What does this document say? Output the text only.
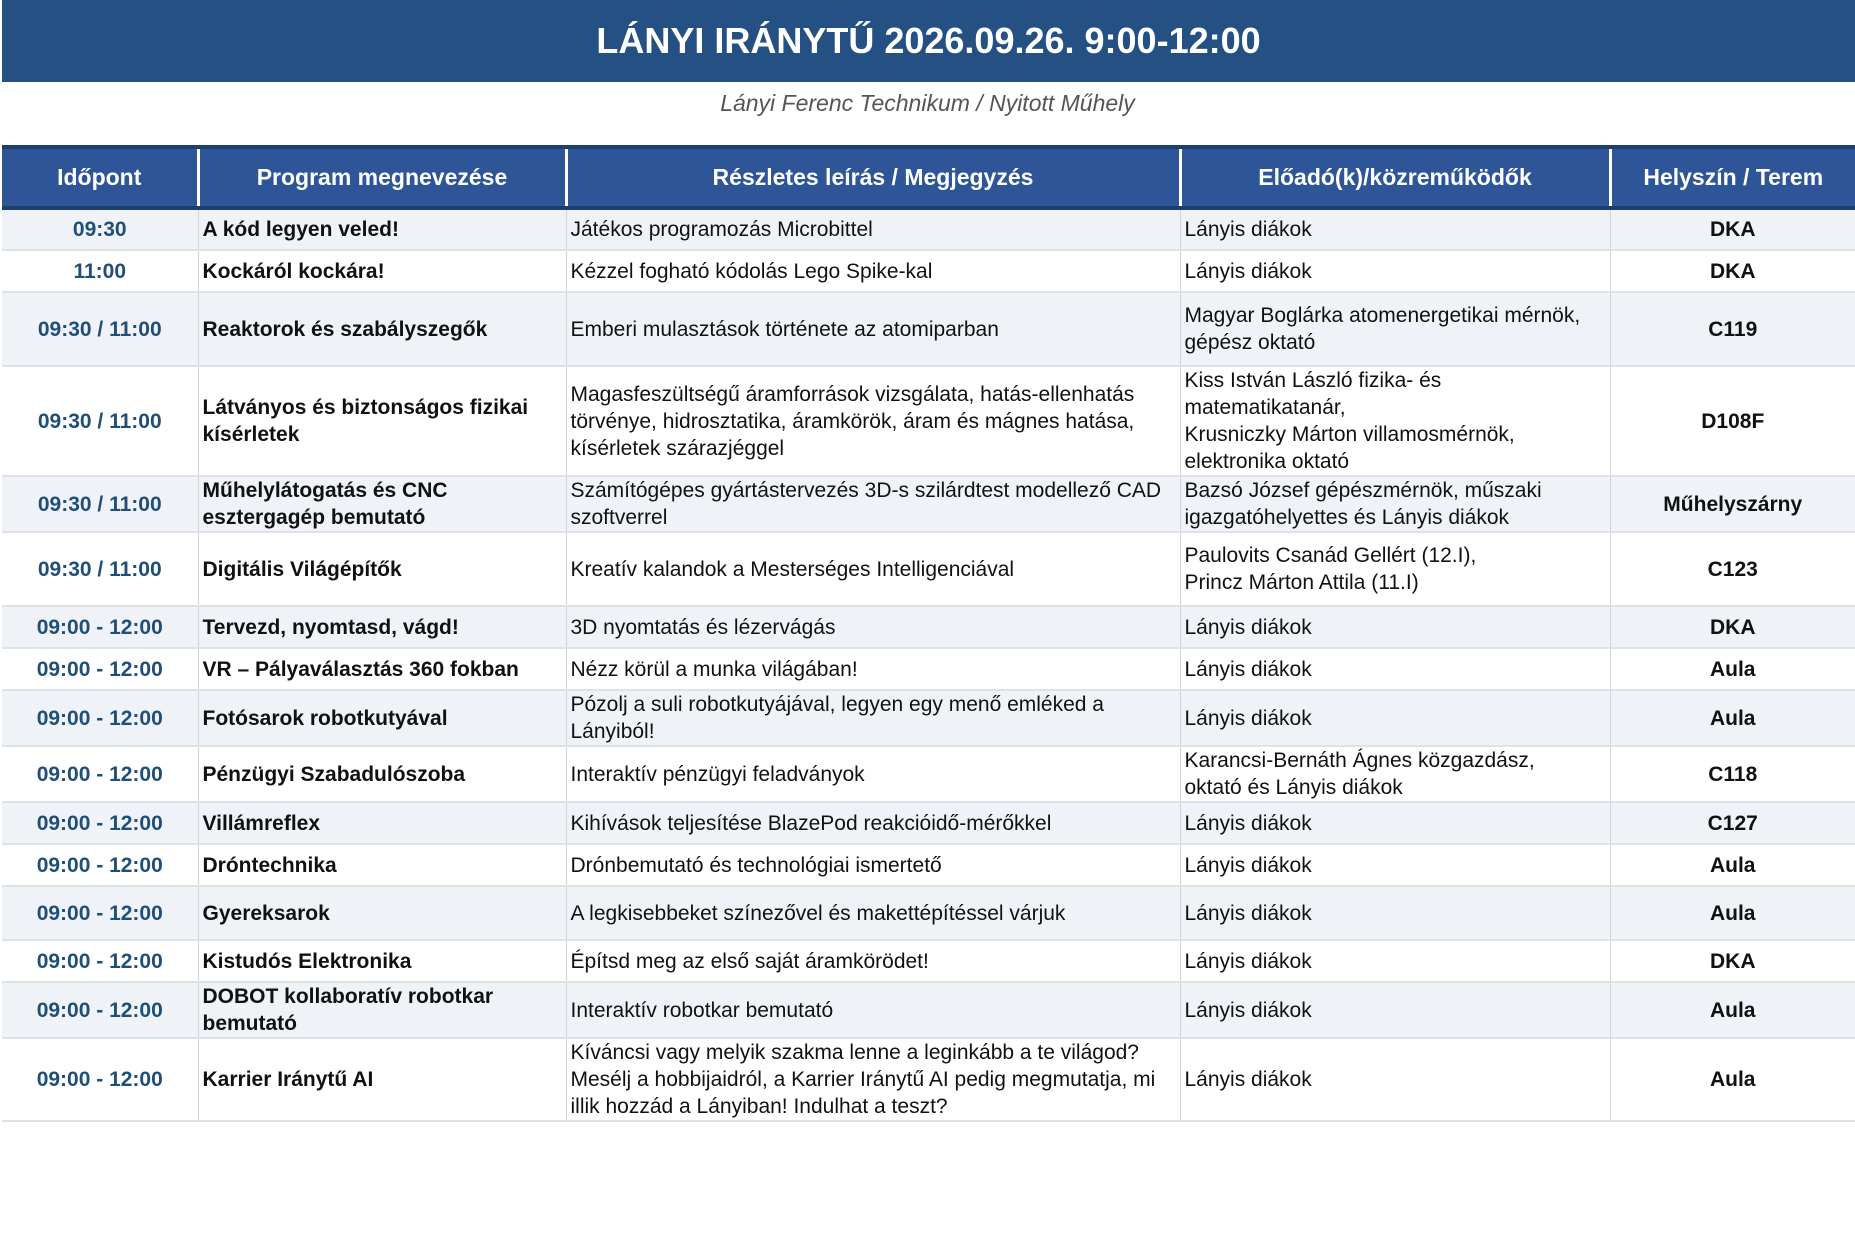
LÁNYI IRÁNYTŰ 2026.09.26. 9:00-12:00
Lányi Ferenc Technikum / Nyitott Műhely
Időpont	Program megnevezése	Részletes leírás / Megjegyzés	Előadó(k)/közreműködők	Helyszín / Terem
09:30	A kód legyen veled!	Játékos programozás Microbittel	Lányis diákok	DKA
11:00	Kockáról kockára!	Kézzel fogható kódolás Lego Spike-kal	Lányis diákok	DKA
09:30 / 11:00	Reaktorok és szabályszegők	Emberi mulasztások története az atomiparban	Magyar Boglárka atomenergetikai mérnök,
gépész oktató	C119
09:30 / 11:00	Látványos és biztonságos fizikai kísérletek	Magasfeszültségű áramforrások vizsgálata, hatás-ellenhatás törvénye, hidrosztatika, áramkörök, áram és mágnes hatása, kísérletek szárazjéggel	Kiss István László fizika- és
matematikatanár,
Krusniczky Márton villamosmérnök,
elektronika oktató	D108F
09:30 / 11:00	Műhelylátogatás és CNC esztergagép bemutató	Számítógépes gyártástervezés 3D-s szilárdtest modellező CAD szoftverrel	Bazsó József gépészmérnök, műszaki igazgatóhelyettes és Lányis diákok	Műhelyszárny
09:30 / 11:00	Digitális Világépítők	Kreatív kalandok a Mesterséges Intelligenciával	Paulovits Csanád Gellért (12.I),
Princz Márton Attila (11.I)	C123
09:00 - 12:00	Tervezd, nyomtasd, vágd!	3D nyomtatás és lézervágás	Lányis diákok	DKA
09:00 - 12:00	VR – Pályaválasztás 360 fokban	Nézz körül a munka világában!	Lányis diákok	Aula
09:00 - 12:00	Fotósarok robotkutyával	Pózolj a suli robotkutyájával, legyen egy menő emléked a Lányiból!	Lányis diákok	Aula
09:00 - 12:00	Pénzügyi Szabadulószoba	Interaktív pénzügyi feladványok	Karancsi-Bernáth Ágnes közgazdász,
oktató és Lányis diákok	C118
09:00 - 12:00	Villámreflex	Kihívások teljesítése BlazePod reakcióidő-mérőkkel	Lányis diákok	C127
09:00 - 12:00	Dróntechnika	Drónbemutató és technológiai ismertető	Lányis diákok	Aula
09:00 - 12:00	Gyereksarok	A legkisebbeket színezővel és makettépítéssel várjuk	Lányis diákok	Aula
09:00 - 12:00	Kistudós Elektronika	Építsd meg az első saját áramkörödet!	Lányis diákok	DKA
09:00 - 12:00	DOBOT kollaboratív robotkar bemutató	Interaktív robotkar bemutató	Lányis diákok	Aula
09:00 - 12:00	Karrier Iránytű AI	Kíváncsi vagy melyik szakma lenne a leginkább a te világod?
Mesélj a hobbijaidról, a Karrier Iránytű AI pedig megmutatja, mi illik hozzád a Lányiban! Indulhat a teszt?	Lányis diákok	Aula
